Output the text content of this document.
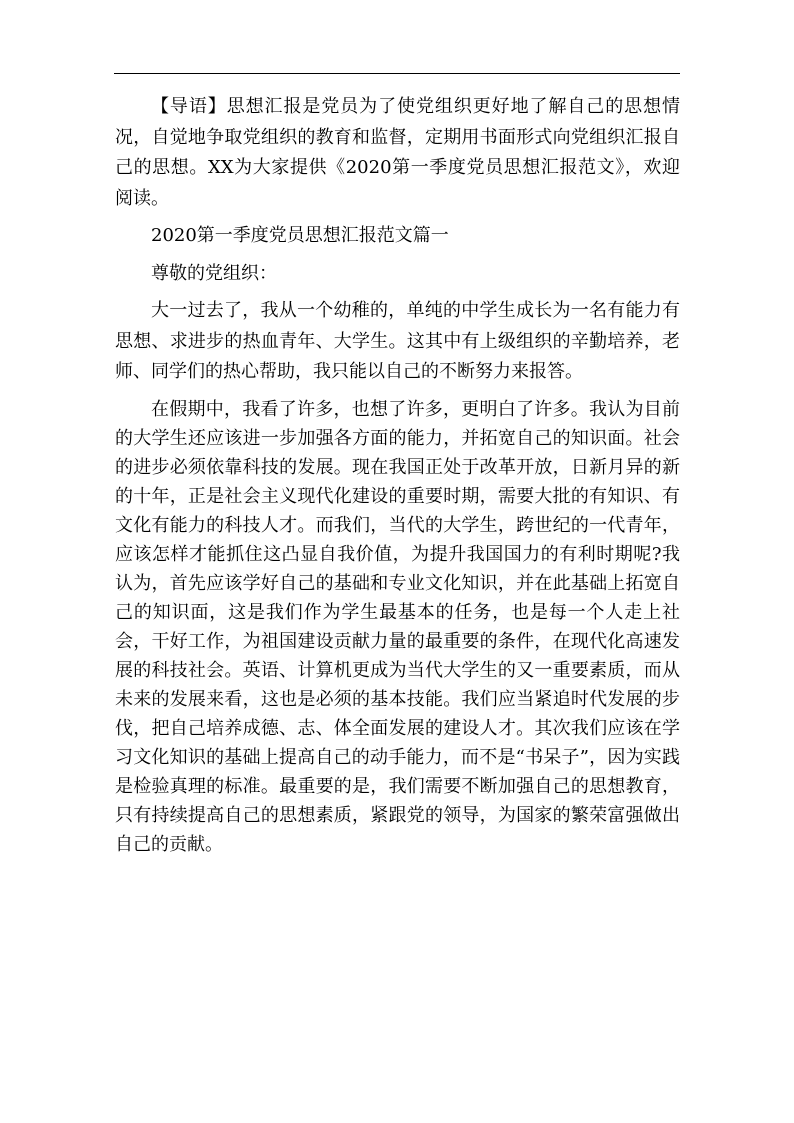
【导语】思想汇报是党员为了使党组织更好地了解自己的思想情况，自觉地争取党组织的教育和监督，定期用书面形式向党组织汇报自己的思想。XX为大家提供《2020第一季度党员思想汇报范文》，欢迎阅读。

2020第一季度党员思想汇报范文篇一

尊敬的党组织：

大一过去了，我从一个幼稚的，单纯的中学生成长为一名有能力有思想、求进步的热血青年、大学生。这其中有上级组织的辛勤培养，老师、同学们的热心帮助，我只能以自己的不断努力来报答。

在假期中，我看了许多，也想了许多，更明白了许多。我认为目前的大学生还应该进一步加强各方面的能力，并拓宽自己的知识面。社会的进步必须依靠科技的发展。现在我国正处于改革开放，日新月异的新的十年，正是社会主义现代化建设的重要时期，需要大批的有知识、有文化有能力的科技人才。而我们，当代的大学生，跨世纪的一代青年，应该怎样才能抓住这凸显自我价值，为提升我国国力的有利时期呢?我认为，首先应该学好自己的基础和专业文化知识，并在此基础上拓宽自己的知识面，这是我们作为学生最基本的任务，也是每一个人走上社会，干好工作，为祖国建设贡献力量的最重要的条件，在现代化高速发展的科技社会。英语、计算机更成为当代大学生的又一重要素质，而从未来的发展来看，这也是必须的基本技能。我们应当紧追时代发展的步伐，把自己培养成德、志、体全面发展的建设人才。其次我们应该在学习文化知识的基础上提高自己的动手能力，而不是“书呆子”，因为实践是检验真理的标准。最重要的是，我们需要不断加强自己的思想教育，只有持续提高自己的思想素质，紧跟党的领导，为国家的繁荣富强做出自己的贡献。
